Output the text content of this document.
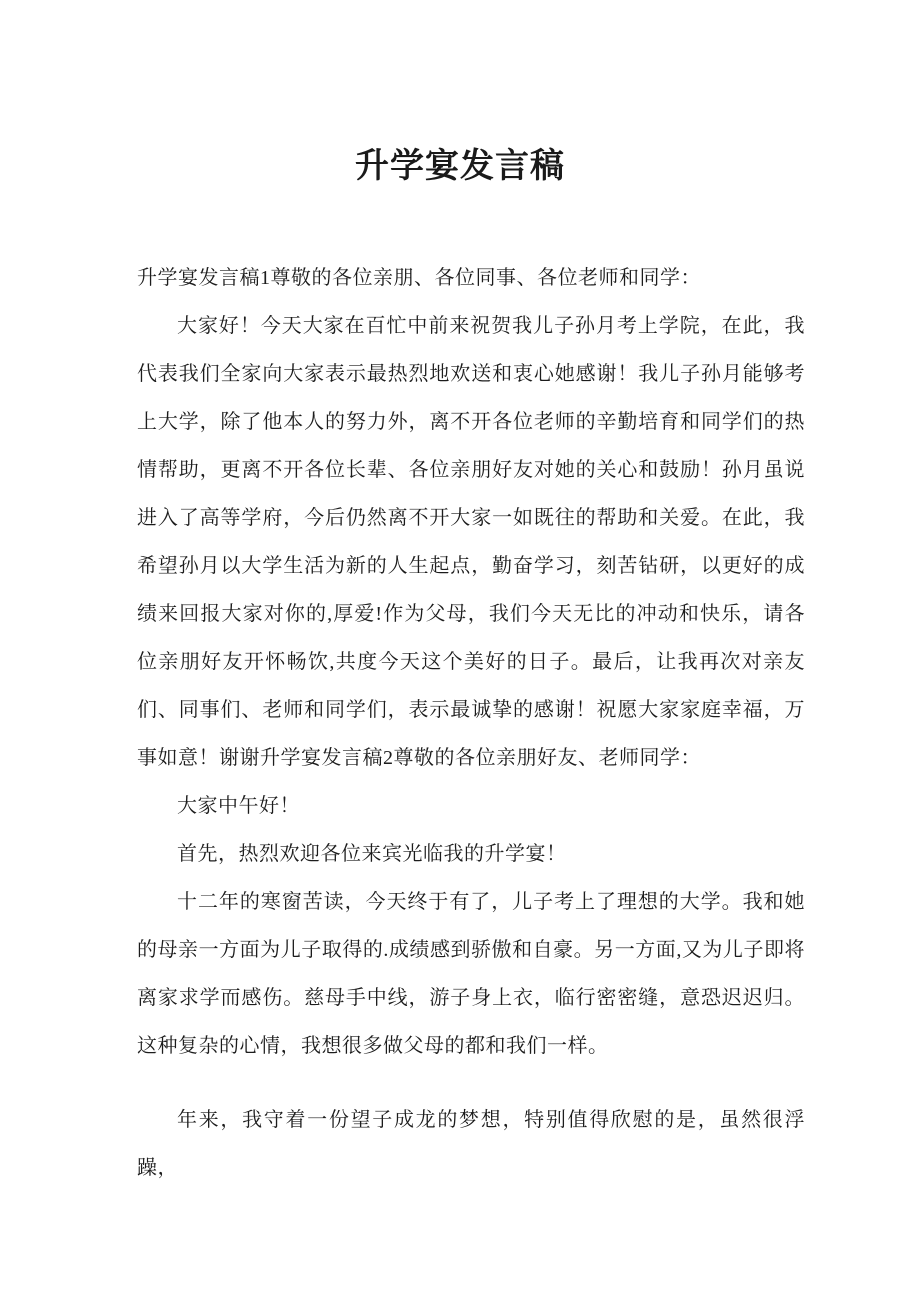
升学宴发言稿

升学宴发言稿1尊敬的各位亲朋、各位同事、各位老师和同学：

大家好！今天大家在百忙中前来祝贺我儿子孙月考上学院，在此，我代表我们全家向大家表示最热烈地欢送和衷心她感谢！我儿子孙月能够考上大学，除了他本人的努力外，离不开各位老师的辛勤培育和同学们的热情帮助，更离不开各位长辈、各位亲朋好友对她的关心和鼓励！孙月虽说进入了高等学府，今后仍然离不开大家一如既往的帮助和关爱。在此，我希望孙月以大学生活为新的人生起点，勤奋学习，刻苦钻研，以更好的成绩来回报大家对你的,厚爱!作为父母，我们今天无比的冲动和快乐，请各位亲朋好友开怀畅饮,共度今天这个美好的日子。最后，让我再次对亲友们、同事们、老师和同学们，表示最诚挚的感谢！祝愿大家家庭幸福，万事如意！谢谢升学宴发言稿2尊敬的各位亲朋好友、老师同学：

大家中午好！

首先，热烈欢迎各位来宾光临我的升学宴！

十二年的寒窗苦读，今天终于有了，儿子考上了理想的大学。我和她的母亲一方面为儿子取得的.成绩感到骄傲和自豪。另一方面,又为儿子即将离家求学而感伤。慈母手中线，游子身上衣，临行密密缝，意恐迟迟归。这种复杂的心情，我想很多做父母的都和我们一样。

年来，我守着一份望子成龙的梦想，特别值得欣慰的是，虽然很浮躁，
